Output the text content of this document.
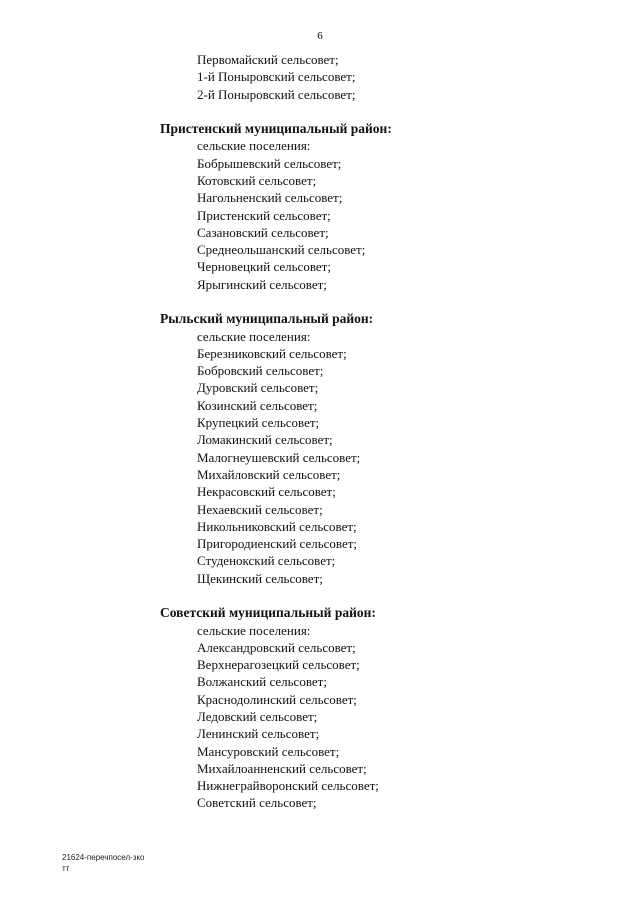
6
Первомайский сельсовет;
1-й Поныровский сельсовет;
2-й Поныровский сельсовет;
Пристенский муниципальный район:
сельские поселения:
Бобрышевский сельсовет;
Котовский сельсовет;
Нагольненский сельсовет;
Пристенский сельсовет;
Сазановский сельсовет;
Среднеольшанский сельсовет;
Черновецкий сельсовет;
Ярыгинский сельсовет;
Рыльский муниципальный район:
сельские поселения:
Березниковский сельсовет;
Бобровский сельсовет;
Дуровский сельсовет;
Козинский сельсовет;
Крупецкий сельсовет;
Ломакинский сельсовет;
Малогнеушевский сельсовет;
Михайловский сельсовет;
Некрасовский сельсовет;
Нехаевский сельсовет;
Никольниковский сельсовет;
Пригородиенский сельсовет;
Студенокский сельсовет;
Щекинский сельсовет;
Советский муниципальный район:
сельские поселения:
Александровский сельсовет;
Верхнерагозецкий сельсовет;
Волжанский сельсовет;
Краснодолинский сельсовет;
Ледовский сельсовет;
Ленинский сельсовет;
Мансуровский сельсовет;
Михайлоанненский сельсовет;
Нижнеграйворонский сельсовет;
Советский сельсовет;
21624-перечпосел-зко
тт
